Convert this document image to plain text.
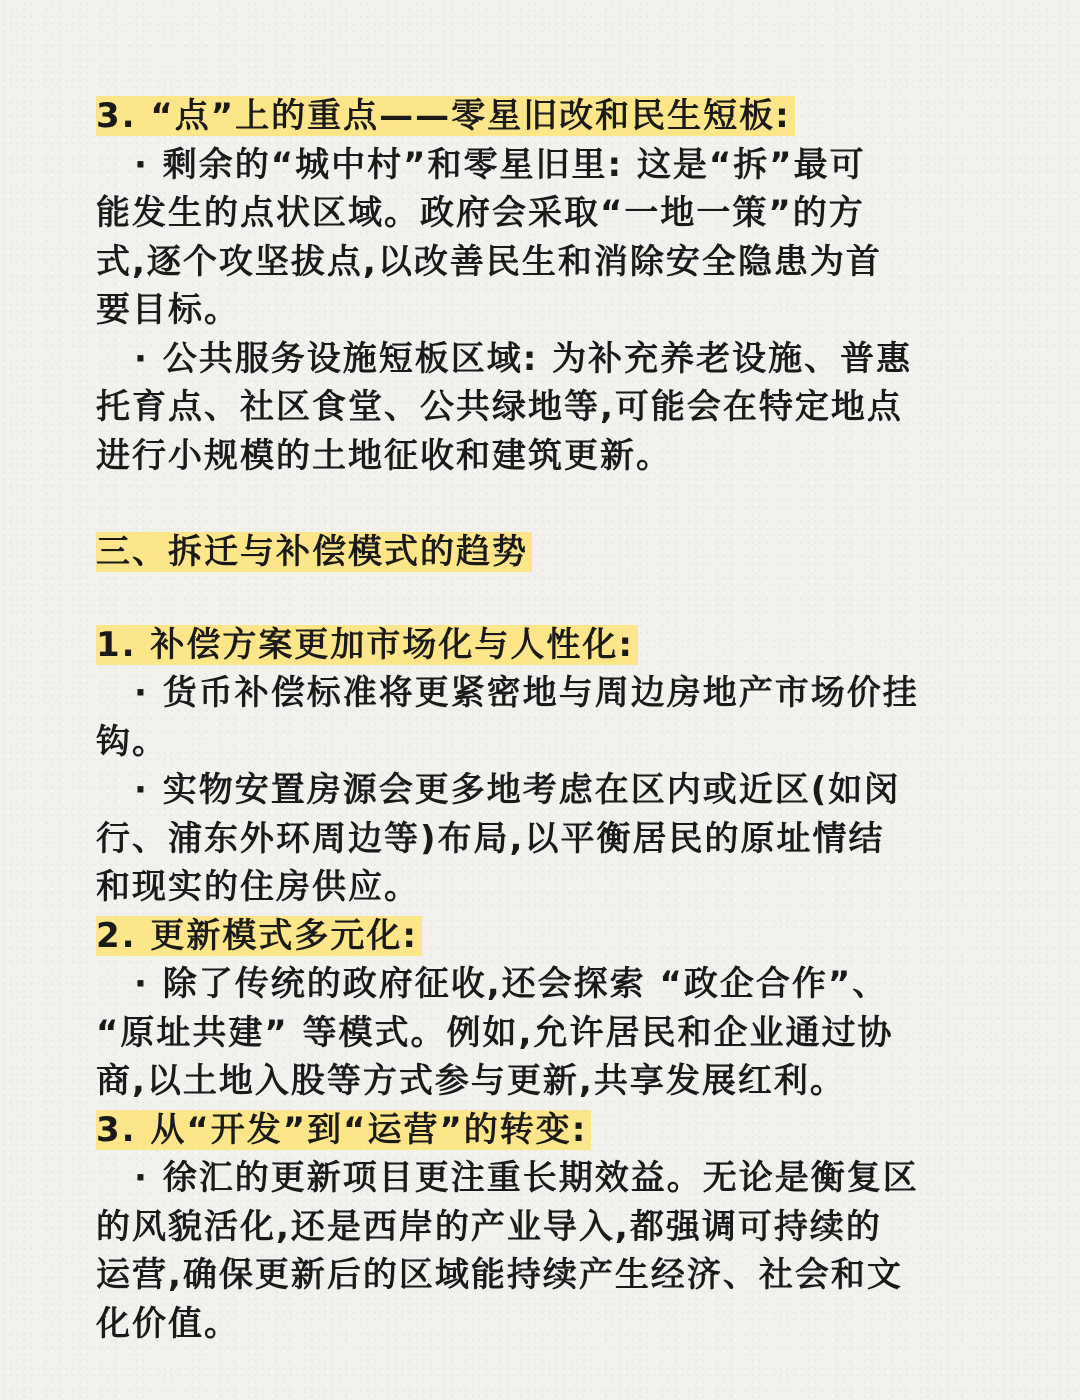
3. “点”上的重点——零星旧改和民生短板:

· 剩余的“城中村”和零星旧里: 这是“拆”最可

能发生的点状区域。政府会采取“一地一策”的方

式,逐个攻坚拔点,以改善民生和消除安全隐患为首

要目标。

· 公共服务设施短板区域: 为补充养老设施、普惠

托育点、社区食堂、公共绿地等,可能会在特定地点

进行小规模的土地征收和建筑更新。

三、拆迁与补偿模式的趋势

1. 补偿方案更加市场化与人性化:

· 货币补偿标准将更紧密地与周边房地产市场价挂

钩。

· 实物安置房源会更多地考虑在区内或近区(如闵

行、浦东外环周边等)布局,以平衡居民的原址情结

和现实的住房供应。

2. 更新模式多元化:

· 除了传统的政府征收,还会探索 “政企合作”、

“原址共建” 等模式。例如,允许居民和企业通过协

商,以土地入股等方式参与更新,共享发展红利。

3. 从“开发”到“运营”的转变:

· 徐汇的更新项目更注重长期效益。无论是衡复区

的风貌活化,还是西岸的产业导入,都强调可持续的

运营,确保更新后的区域能持续产生经济、社会和文

化价值。
